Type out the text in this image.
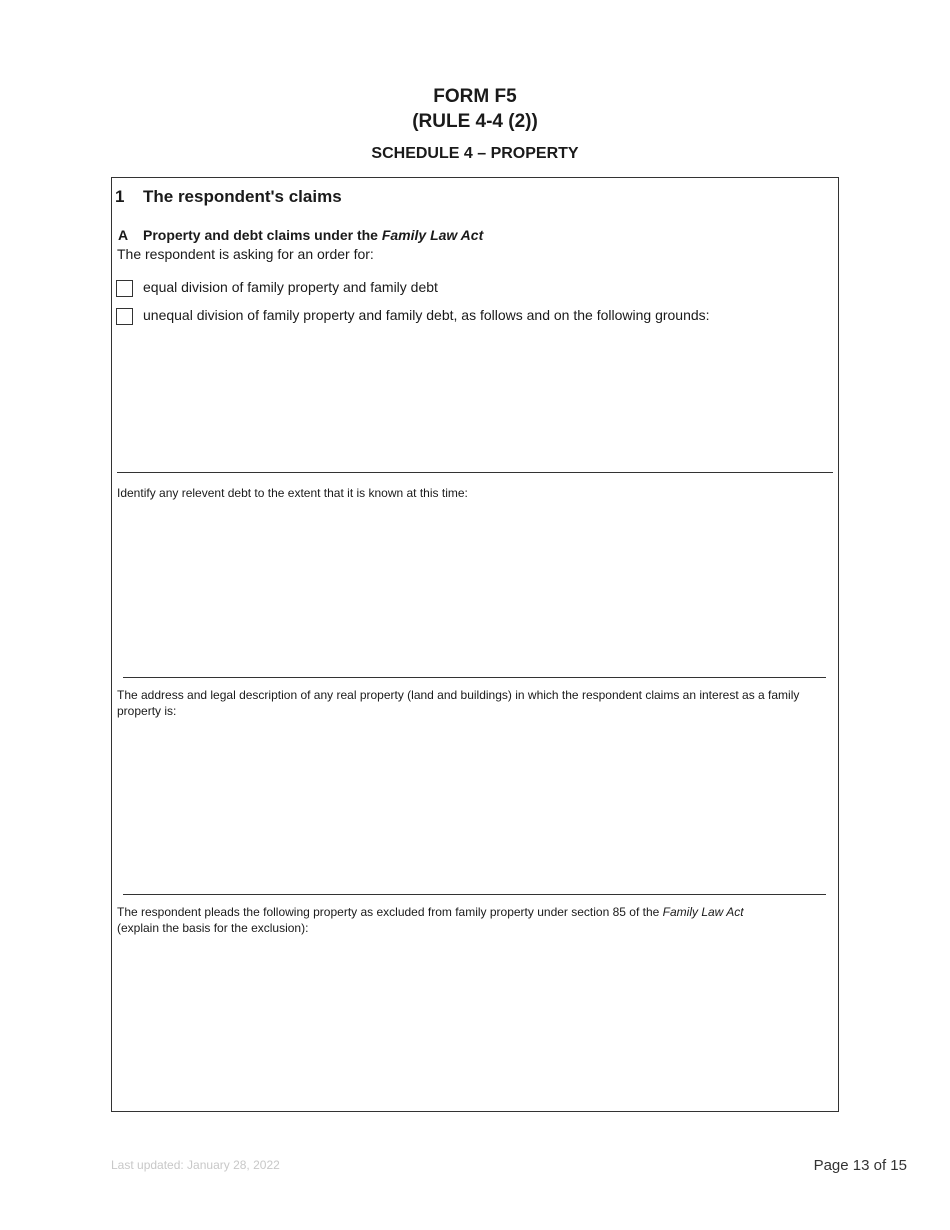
FORM F5
(RULE 4-4 (2))
SCHEDULE 4 – PROPERTY
1 The respondent's claims
A Property and debt claims under the Family Law Act
The respondent is asking for an order for:
equal division of family property and family debt
unequal division of family property and family debt, as follows and on the following grounds:
Identify any relevent debt to the extent that it is known at this time:
The address and legal description of any real property (land and buildings) in which the respondent claims an interest as a family property is:
The respondent pleads the following property as excluded from family property under section 85 of the Family Law Act
(explain the basis for the exclusion):
Last updated: January 28, 2022	Page 13 of 15
